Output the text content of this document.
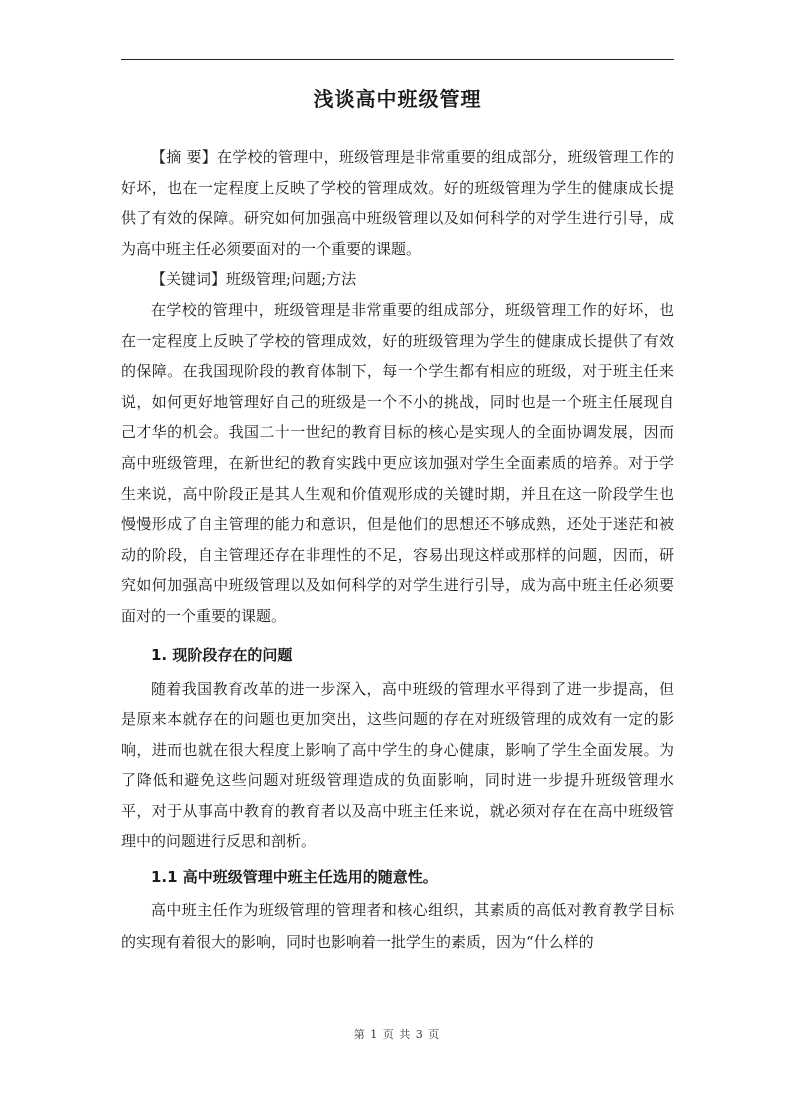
浅谈高中班级管理

【摘 要】在学校的管理中，班级管理是非常重要的组成部分，班级管理工作的好坏，也在一定程度上反映了学校的管理成效。好的班级管理为学生的健康成长提供了有效的保障。研究如何加强高中班级管理以及如何科学的对学生进行引导，成为高中班主任必须要面对的一个重要的课题。

【关键词】班级管理;问题;方法

在学校的管理中，班级管理是非常重要的组成部分，班级管理工作的好坏，也在一定程度上反映了学校的管理成效，好的班级管理为学生的健康成长提供了有效的保障。在我国现阶段的教育体制下，每一个学生都有相应的班级，对于班主任来说，如何更好地管理好自己的班级是一个不小的挑战，同时也是一个班主任展现自己才华的机会。我国二十一世纪的教育目标的核心是实现人的全面协调发展，因而高中班级管理，在新世纪的教育实践中更应该加强对学生全面素质的培养。对于学生来说，高中阶段正是其人生观和价值观形成的关键时期，并且在这一阶段学生也慢慢形成了自主管理的能力和意识，但是他们的思想还不够成熟，还处于迷茫和被动的阶段，自主管理还存在非理性的不足，容易出现这样或那样的问题，因而，研究如何加强高中班级管理以及如何科学的对学生进行引导，成为高中班主任必须要面对的一个重要的课题。

1. 现阶段存在的问题

随着我国教育改革的进一步深入，高中班级的管理水平得到了进一步提高，但是原来本就存在的问题也更加突出，这些问题的存在对班级管理的成效有一定的影响，进而也就在很大程度上影响了高中学生的身心健康，影响了学生全面发展。为了降低和避免这些问题对班级管理造成的负面影响，同时进一步提升班级管理水平，对于从事高中教育的教育者以及高中班主任来说，就必须对存在在高中班级管理中的问题进行反思和剖析。

1.1 高中班级管理中班主任选用的随意性。

高中班主任作为班级管理的管理者和核心组织，其素质的高低对教育教学目标的实现有着很大的影响，同时也影响着一批学生的素质，因为“什么样的

第 1 页 共 3 页
